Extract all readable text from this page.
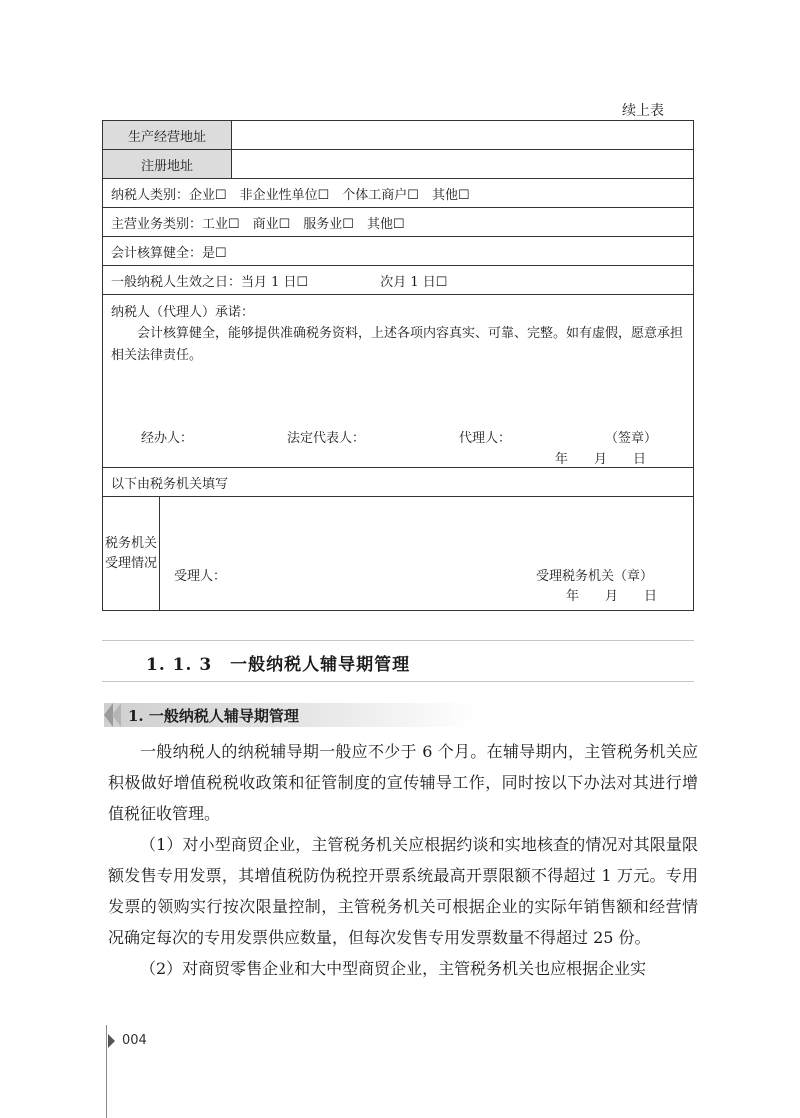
续上表
生产经营地址	
注册地址	
纳税人类别：企业☐　非企业性单位☐　个体工商户☐　其他☐
主营业务类别：工业☐　商业☐　服务业☐　其他☐
会计核算健全：是☐
一般纳税人生效之日：当月 1 日☐	次月 1 日☐

纳税人（代理人）承诺：
会计核算健全，能够提供准确税务资料，上述各项内容真实、可靠、完整。如有虚假，愿意承担相关法律责任。
经办人：	法定代表人：	代理人：	（签章）
年　　月　　日

以下由税务机关填写

税务机关
受理情况

受理人：	受理税务机关（章）
年　　月　　日
1. 1. 3　一般纳税人辅导期管理
1. 一般纳税人辅导期管理

一般纳税人的纳税辅导期一般应不少于 6 个月。在辅导期内，主管税务机关应积极做好增值税税收政策和征管制度的宣传辅导工作，同时按以下办法对其进行增值税征收管理。

（1）对小型商贸企业，主管税务机关应根据约谈和实地核查的情况对其限量限额发售专用发票，其增值税防伪税控开票系统最高开票限额不得超过 1 万元。专用发票的领购实行按次限量控制，主管税务机关可根据企业的实际年销售额和经营情况确定每次的专用发票供应数量，但每次发售专用发票数量不得超过 25 份。

（2）对商贸零售企业和大中型商贸企业，主管税务机关也应根据企业实

004
